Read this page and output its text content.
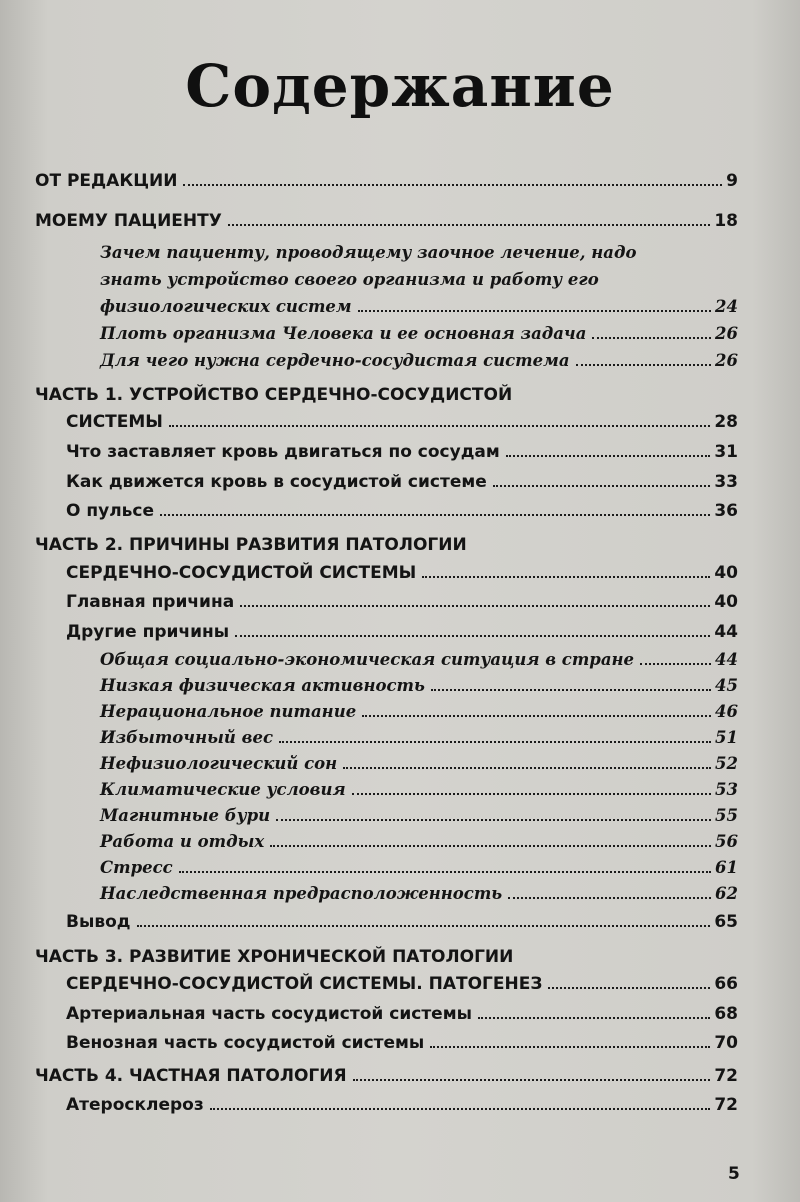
Содержание
ОТ РЕДАКЦИИ	9
МОЕМУ ПАЦИЕНТУ	18
Зачем пациенту, проводящему заочное лечение, надо
знать устройство своего организма и работу его
физиологических систем	24
Плоть организма Человека и ее основная задача	26
Для чего нужна сердечно-сосудистая система	26
ЧАСТЬ 1. УСТРОЙСТВО СЕРДЕЧНО-СОСУДИСТОЙ
СИСТЕМЫ	28
Что заставляет кровь двигаться по сосудам	31
Как движется кровь в сосудистой системе	33
О пульсе	36
ЧАСТЬ 2. ПРИЧИНЫ РАЗВИТИЯ ПАТОЛОГИИ
СЕРДЕЧНО-СОСУДИСТОЙ СИСТЕМЫ	40
Главная причина	40
Другие причины	44
Общая социально-экономическая ситуация в стране	44
Низкая физическая активность	45
Нерациональное питание	46
Избыточный вес	51
Нефизиологический сон	52
Климатические условия	53
Магнитные бури	55
Работа и отдых	56
Стресс	61
Наследственная предрасположенность	62
Вывод	65
ЧАСТЬ 3. РАЗВИТИЕ ХРОНИЧЕСКОЙ ПАТОЛОГИИ
СЕРДЕЧНО-СОСУДИСТОЙ СИСТЕМЫ. ПАТОГЕНЕЗ	66
Артериальная часть сосудистой системы	68
Венозная часть сосудистой системы	70
ЧАСТЬ 4. ЧАСТНАЯ ПАТОЛОГИЯ	72
Атеросклероз	72
5
